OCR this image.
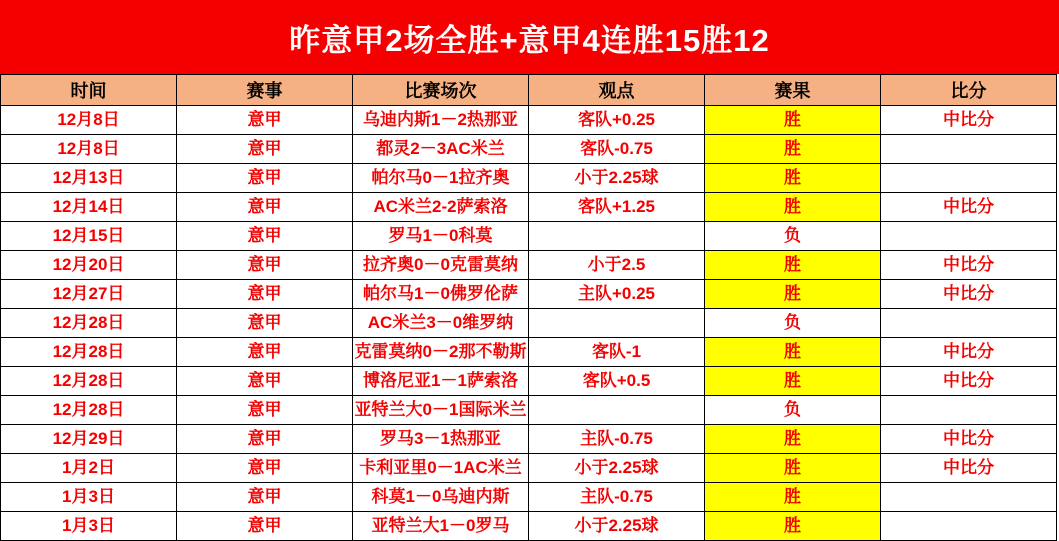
昨意甲2场全胜+意甲4连胜15胜12
时间	赛事	比赛场次	观点	赛果	比分

12月8日	意甲	乌迪内斯1－2热那亚	客队+0.25	胜	中比分

12月8日	意甲	都灵2－3AC米兰	客队-0.75	胜	

12月13日	意甲	帕尔马0－1拉齐奥	小于2.25球	胜	

12月14日	意甲	AC米兰2-2萨索洛	客队+1.25	胜	中比分

12月15日	意甲	罗马1－0科莫		负	

12月20日	意甲	拉齐奥0－0克雷莫纳	小于2.5	胜	中比分

12月27日	意甲	帕尔马1－0佛罗伦萨	主队+0.25	胜	中比分

12月28日	意甲	AC米兰3－0维罗纳		负	

12月28日	意甲	克雷莫纳0－2那不勒斯	客队-1	胜	中比分

12月28日	意甲	博洛尼亚1－1萨索洛	客队+0.5	胜	中比分

12月28日	意甲	亚特兰大0－1国际米兰		负	

12月29日	意甲	罗马3－1热那亚	主队-0.75	胜	中比分

1月2日	意甲	卡利亚里0－1AC米兰	小于2.25球	胜	中比分

1月3日	意甲	科莫1－0乌迪内斯	主队-0.75	胜	

1月3日	意甲	亚特兰大1－0罗马	小于2.25球	胜	
